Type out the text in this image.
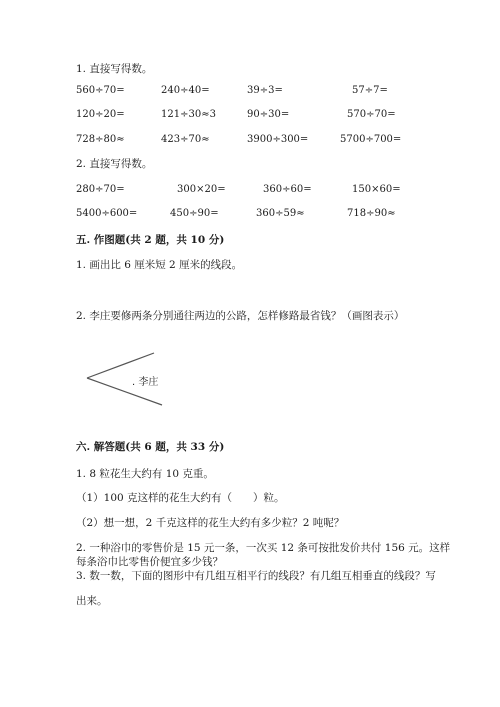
1. 直接写得数。
560÷70=	240÷40=	39÷3=	57÷7=
120÷20=	121÷30≈3	90÷30=	570÷70=
728÷80≈	423÷70≈	3900÷300=	5700÷700=
2. 直接写得数。
280÷70=	300×20=	360÷60=	150×60=
5400÷600=	450÷90=	360÷59≈	718÷90≈
五. 作图题(共 2 题，共 10 分)
1. 画出比 6 厘米短 2 厘米的线段。
2. 李庄要修两条分别通往两边的公路，怎样修路最省钱？（画图表示）
. 李庄
六. 解答题(共 6 题，共 33 分)
1. 8 粒花生大约有 10 克重。
（1）100 克这样的花生大约有（　　）粒。
（2）想一想，2 千克这样的花生大约有多少粒？2 吨呢？
2. 一种浴巾的零售价是 15 元一条，一次买 12 条可按批发价共付 156 元。这样
每条浴巾比零售价便宜多少钱？
3. 数一数，下面的图形中有几组互相平行的线段？有几组互相垂直的线段？写
出来。
